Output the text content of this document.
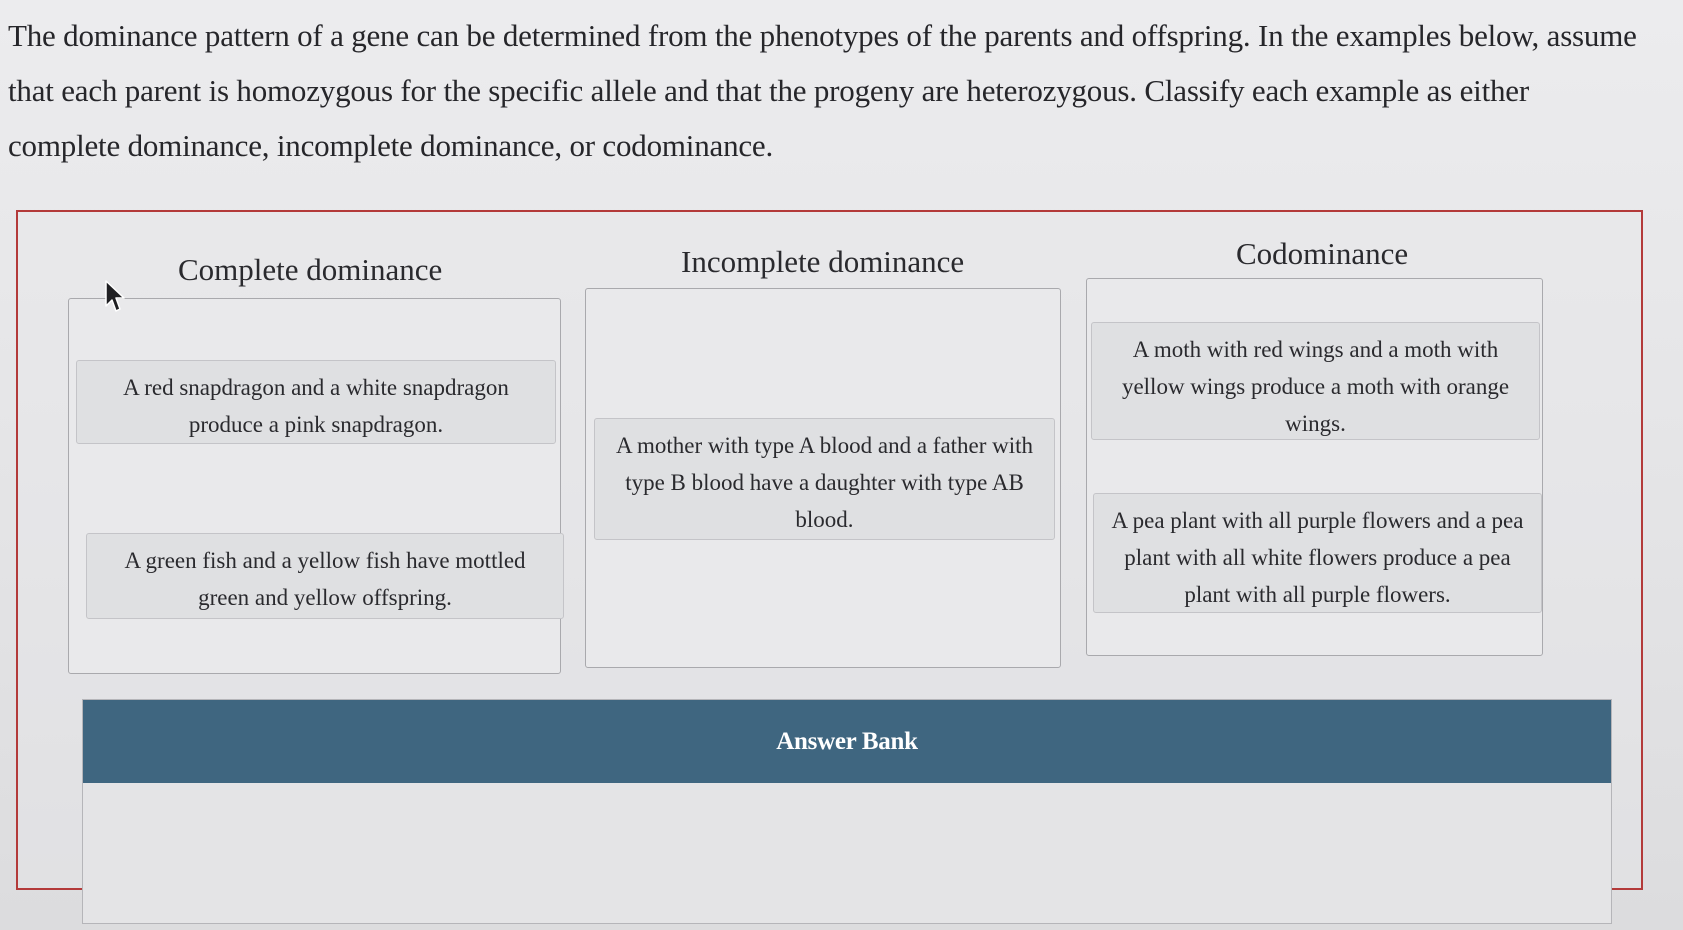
The dominance pattern of a gene can be determined from the phenotypes of the parents and offspring. In the examples below, assume that each parent is homozygous for the specific allele and that the progeny are heterozygous. Classify each example as either complete dominance, incomplete dominance, or codominance.
Complete dominance
A red snapdragon and a white snapdragon produce a pink snapdragon.
A green fish and a yellow fish have mottled green and yellow offspring.
Incomplete dominance
A mother with type A blood and a father with type B blood have a daughter with type AB blood.
Codominance
A moth with red wings and a moth with yellow wings produce a moth with orange wings.
A pea plant with all purple flowers and a pea plant with all white flowers produce a pea plant with all purple flowers.
Answer Bank
